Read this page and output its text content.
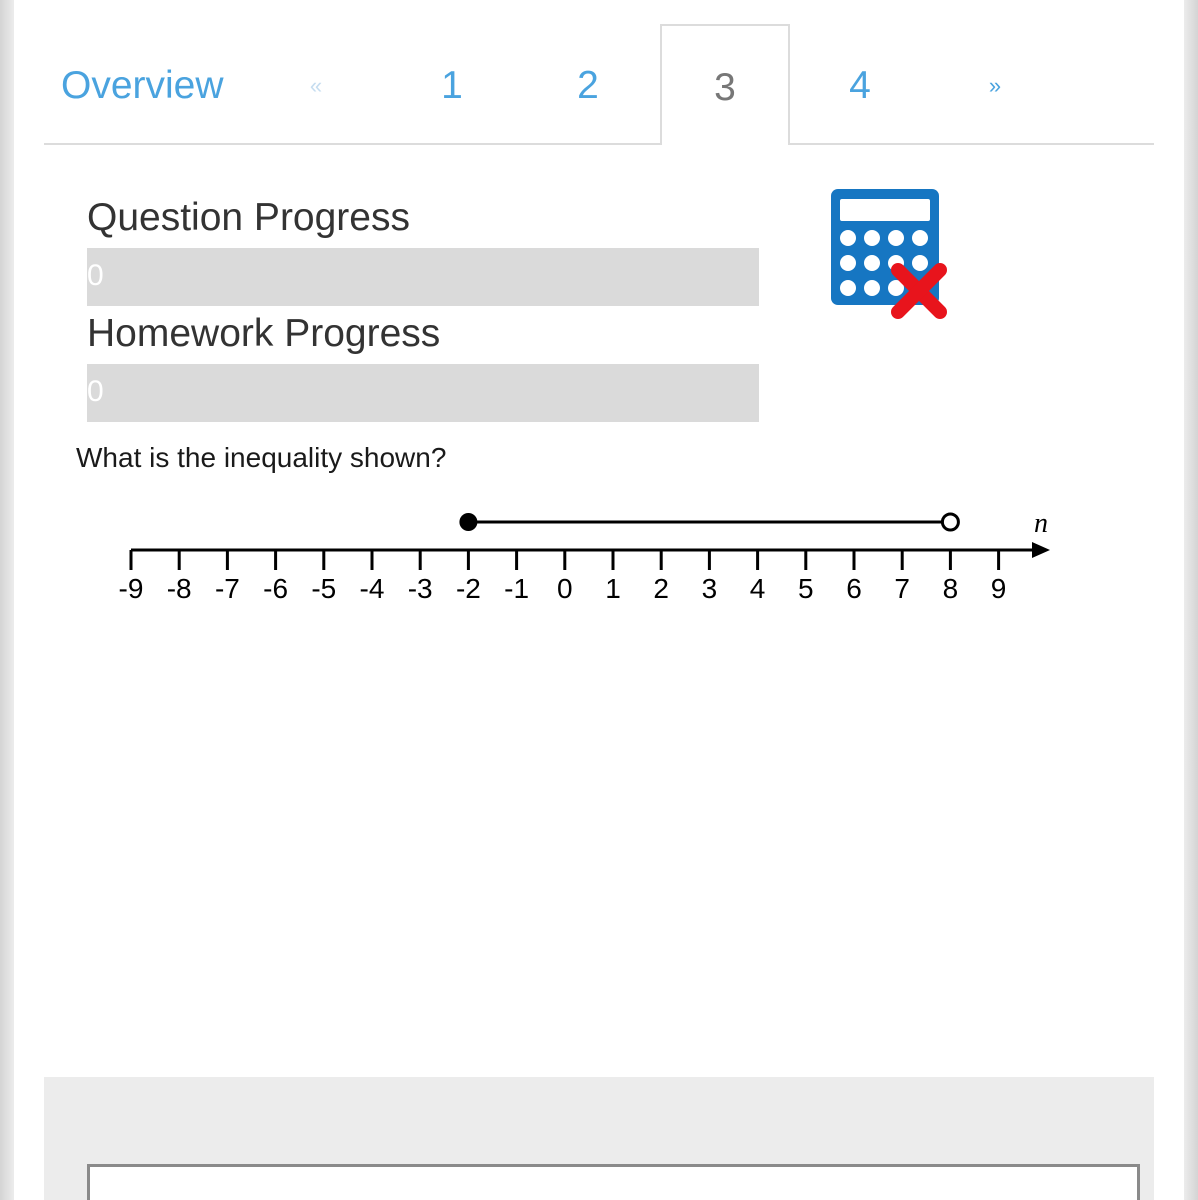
Overview	«	1	2	3	4	»
Question Progress
0
Homework Progress
0
What is the inequality shown?
-9 -8 -7 -6 -5 -4 -3 -2 -1 0 1 2 3 4 5 6 7 8 9
n
